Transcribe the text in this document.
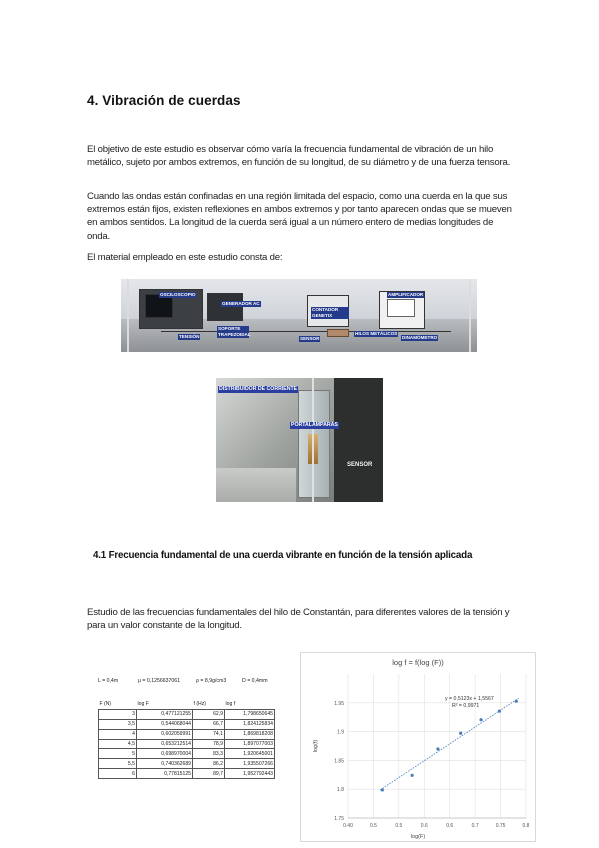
4. Vibración de cuerdas
El objetivo de este estudio es observar cómo varía la frecuencia fundamental de vibración de un hilo metálico, sujeto por ambos extremos, en función de su longitud, de su diámetro y de una fuerza tensora.
Cuando las ondas están confinadas en una región limitada del espacio, como una cuerda en la que sus extremos están fijos, existen reflexiones en ambos extremos y por tanto aparecen ondas que se mueven en ambos sentidos. La longitud de la cuerda será igual a un número entero de medias longitudes de onda.
El material empleado en este estudio consta de:
OSCILOSCOPIO
GENERADOR AC
TENSIÓN
SOPORTE TRAPEZOIDAL
CONTADOR GENETIX
SENSOR
HILOS METÁLICOS
AMPLIFICADOR
DINAMÓMETRO
DISTRIBUIDOR DE CORRIENTE
PORTALÁMPARAS
SENSOR
4.1 Frecuencia fundamental de una cuerda vibrante en función de la tensión aplicada
Estudio de las frecuencias fundamentales del hilo de Constantán, para diferentes valores de la tensión y para un valor constante de la longitud.
L = 0,4m	μ = 0,1256637061	ρ = 8,9g/cm3	D = 0,4mm
F (N)	log F	f (Hz)	log f
3	0,477121255	62,9	1,798650645
3,5	0,544068044	66,7	1,824125834
4	0,602059991	74,1	1,869818208
4,5	0,653212514	78,9	1,897077003
5	0,698970004	83,3	1,920645001
5,5	0,740362689	86,2	1,935507266
6	0,77815125	89,7	1,952792443
log f = f(log (F))
1.75
1.8
1.85
1.9
1.95
0.40	0.5	0.5	0.6	0.6	0.7	0.75	0.8
y = 0,5123x + 1,5567
R² = 0,9971
log(F)
log(f)
